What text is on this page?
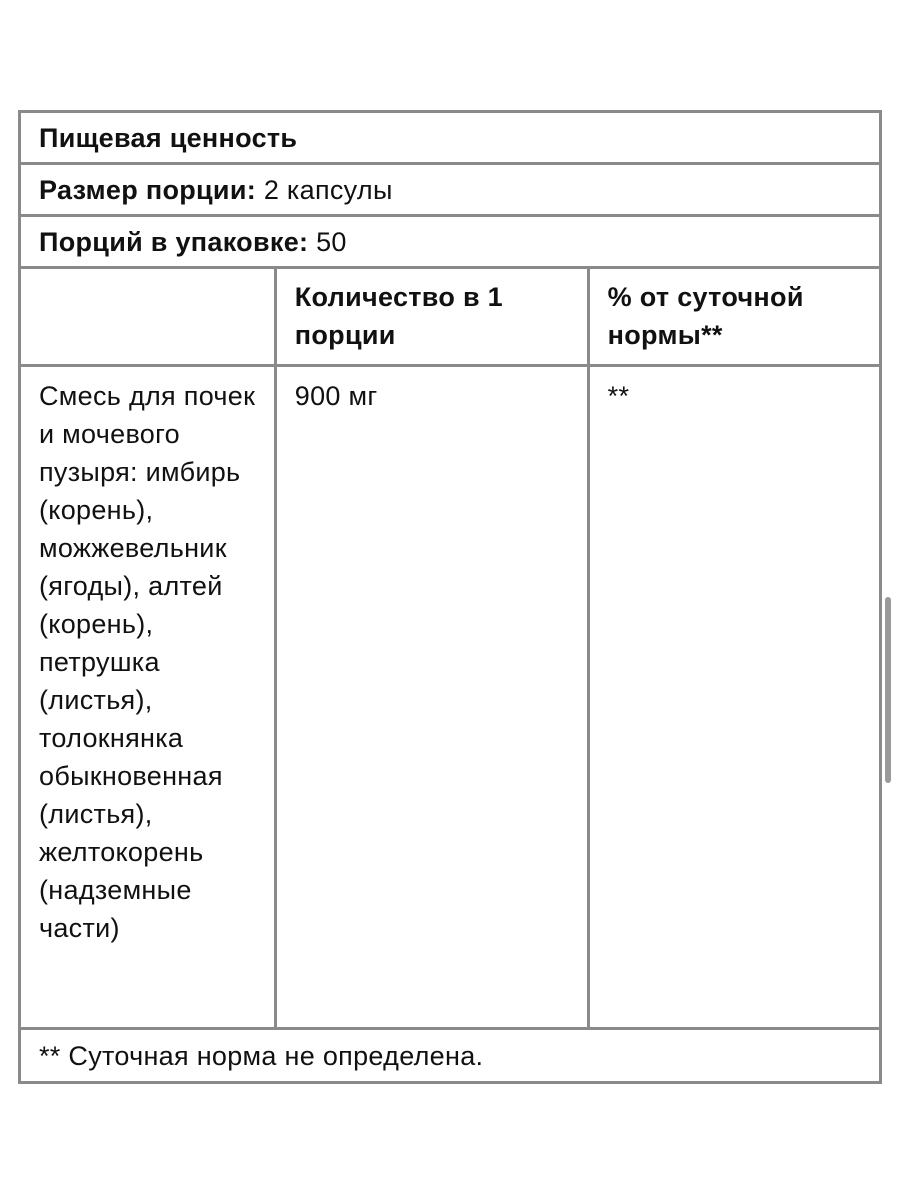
Пищевая ценность		
Размер порции: 2 капсулы		
Порций в упаковке: 50		
	Количество в 1 порции	% от суточной нормы**
Смесь для почек и мочевого пузыря: имбирь (корень), можжевельник (ягоды), алтей (корень), петрушка (листья), толокнянка обыкновенная (листья), желтокорень (надземные части)	900 мг	**
** Суточная норма не определена.		
